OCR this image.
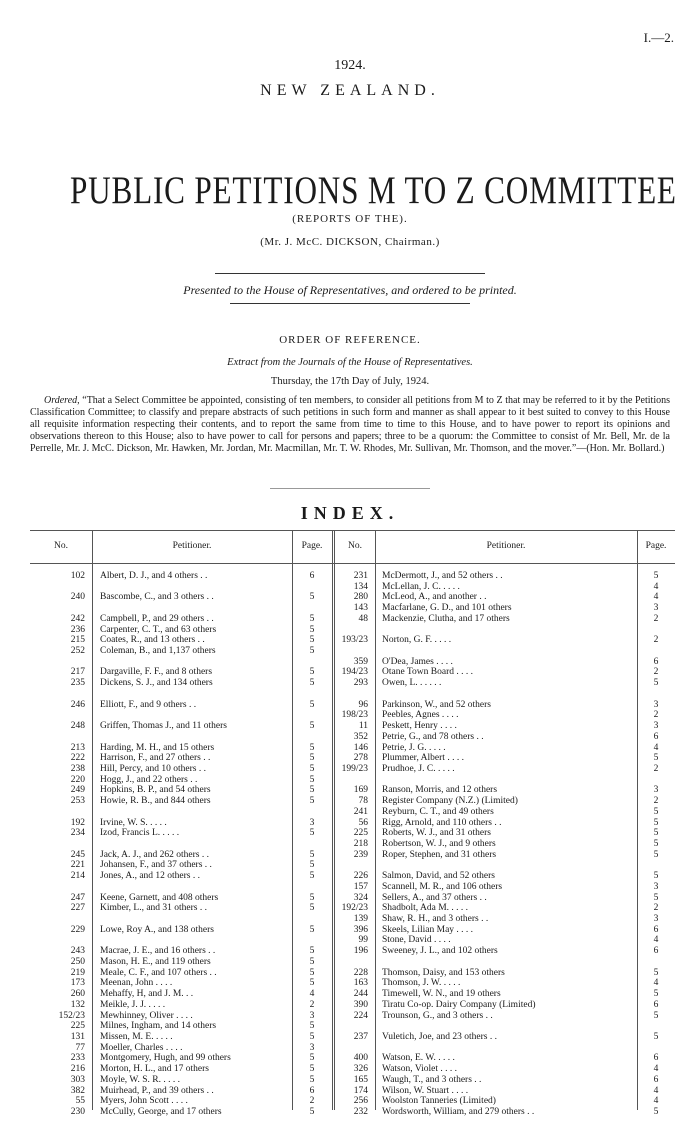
I.—2.
1924.
NEW ZEALAND.
PUBLIC PETITIONS M TO Z COMMITTEE
(REPORTS OF THE).
(Mr. J. McC. DICKSON, Chairman.)
Presented to the House of Representatives, and ordered to be printed.
ORDER OF REFERENCE.
Extract from the Journals of the House of Representatives.
Thursday, the 17th Day of July, 1924.
Ordered, “That a Select Committee be appointed, consisting of ten members, to consider all petitions from M to Z that may be referred to it by the Petitions Classification Committee; to classify and prepare abstracts of such petitions in such form and manner as shall appear to it best suited to convey to this House all requisite information respecting their contents, and to report the same from time to time to this House, and to have power to report its opinions and observations thereon to this House; also to have power to call for persons and papers; three to be a quorum: the Committee to consist of Mr. Bell, Mr. de la Perrelle, Mr. J. McC. Dickson, Mr. Hawken, Mr. Jordan, Mr. Macmillan, Mr. T. W. Rhodes, Mr. Sullivan, Mr. Thomson, and the mover.”—(Hon. Mr. Bollard.)
INDEX.
No.	Petitioner.	Page.	No.	Petitioner.	Page.
102 Albert, D. J., and 4 others . .	6
240 Bascombe, C., and 3 others . .	5
242 Campbell, P., and 29 others . .	5
236 Carpenter, C. T., and 63 others	5
215 Coates, R., and 13 others . .	5
252 Coleman, B., and 1,137 others	5
217 Dargaville, F. F., and 8 others	5
235 Dickens, S. J., and 134 others	5
246 Elliott, F., and 9 others . .	5
248 Griffen, Thomas J., and 11 others	5
213 Harding, M. H., and 15 others	5
222 Harrison, F., and 27 others . .	5
238 Hill, Percy, and 10 others . .	5
220 Hogg, J., and 22 others . .	5
249 Hopkins, B. P., and 54 others	5
253 Howie, R. B., and 844 others	5
192 Irvine, W. S. . . . .	3
234 Izod, Francis L. . . . .	5
245 Jack, A. J., and 262 others . .	5
221 Johansen, F., and 37 others . .	5
214 Jones, A., and 12 others . .	5
247 Keene, Garnett, and 408 others	5
227 Kimber, L., and 31 others . .	5
229 Lowe, Roy A., and 138 others	5
243 Macrae, J. E., and 16 others . .	5
250 Mason, H. E., and 119 others	5
219 Meale, C. F., and 107 others . .	5
173 Meenan, John . . . .	5
260 Mehaffy, H, and J. M. . .	4
132 Meikle, J. J. . . . .	2
152/23 Mewhinney, Oliver . . . .	3
225 Milnes, Ingham, and 14 others	5
131 Missen, M. E. . . . .	5
77 Moeller, Charles . . . .	3
233 Montgomery, Hugh, and 99 others	5
216 Morton, H. L., and 17 others	5
303 Moyle, W. S. R. . . . .	5
382 Muirhead, P., and 39 others . .	6
55 Myers, John Scott . . . .	2
230 McCully, George, and 17 others	5
231 McDermott, J., and 52 others . .	5
134 McLellan, J. C. . . . .	4
280 McLeod, A., and another . .	4
143 Macfarlane, G. D., and 101 others	3
48 Mackenzie, Clutha, and 17 others	2
193/23 Norton, G. F. . . . .	2
359 O'Dea, James . . . .	6
194/23 Otane Town Board . . . .	2
293 Owen, L. . . . . .	5
96 Parkinson, W., and 52 others	3
198/23 Peebles, Agnes . . . .	2
11 Peskett, Henry . . . .	3
352 Petrie, G., and 78 others . .	6
146 Petrie, J. G. . . . .	4
278 Plummer, Albert . . . .	5
199/23 Prudhoe, J. C. . . . .	2
169 Ranson, Morris, and 12 others	3
78 Register Company (N.Z.) (Limited)	2
241 Reyburn, C. T., and 49 others	5
56 Rigg, Arnold, and 110 others . .	5
225 Roberts, W. J., and 31 others	5
218 Robertson, W. J., and 9 others	5
239 Roper, Stephen, and 31 others	5
226 Salmon, David, and 52 others	5
157 Scannell, M. R., and 106 others	3
324 Sellers, A., and 37 others . .	5
192/23 Shadbolt, Ada M. . . . .	2
139 Shaw, R. H., and 3 others . .	3
396 Skeels, Lilian May . . . .	6
99 Stone, David . . . .	4
196 Sweeney, J. L., and 102 others	6
228 Thomson, Daisy, and 153 others	5
163 Thomson, J. W. . . . .	4
244 Timewell, W. N., and 19 others	5
390 Tiratu Co-op. Dairy Company (Limited)	6
224 Trounson, G., and 3 others . .	5
237 Vuletich, Joe, and 23 others . .	5
400 Watson, E. W. . . . .	6
326 Watson, Violet . . . .	4
165 Waugh, T., and 3 others . .	6
174 Wilson, W. Stuart . . . .	4
256 Woolston Tanneries (Limited)	4
232 Wordsworth, William, and 279 others . .	5
